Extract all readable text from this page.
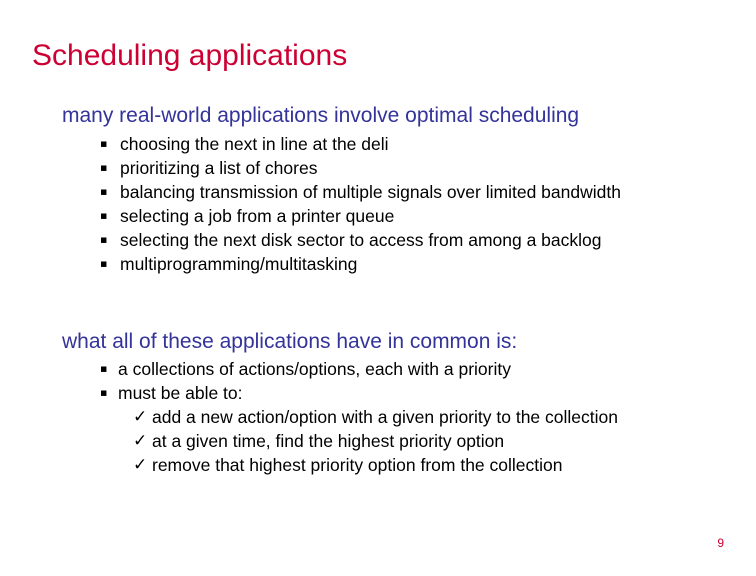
Scheduling applications
many real-world applications involve optimal scheduling
▪ choosing the next in line at the deli
▪ prioritizing a list of chores
▪ balancing transmission of multiple signals over limited bandwidth
▪ selecting a job from a printer queue
▪ selecting the next disk sector to access from among a backlog
▪ multiprogramming/multitasking
what all of these applications have in common is:
▪ a collections of actions/options, each with a priority
▪ must be able to:
✓ add a new action/option with a given priority to the collection
✓ at a given time, find the highest priority option
✓ remove that highest priority option from the collection
9
